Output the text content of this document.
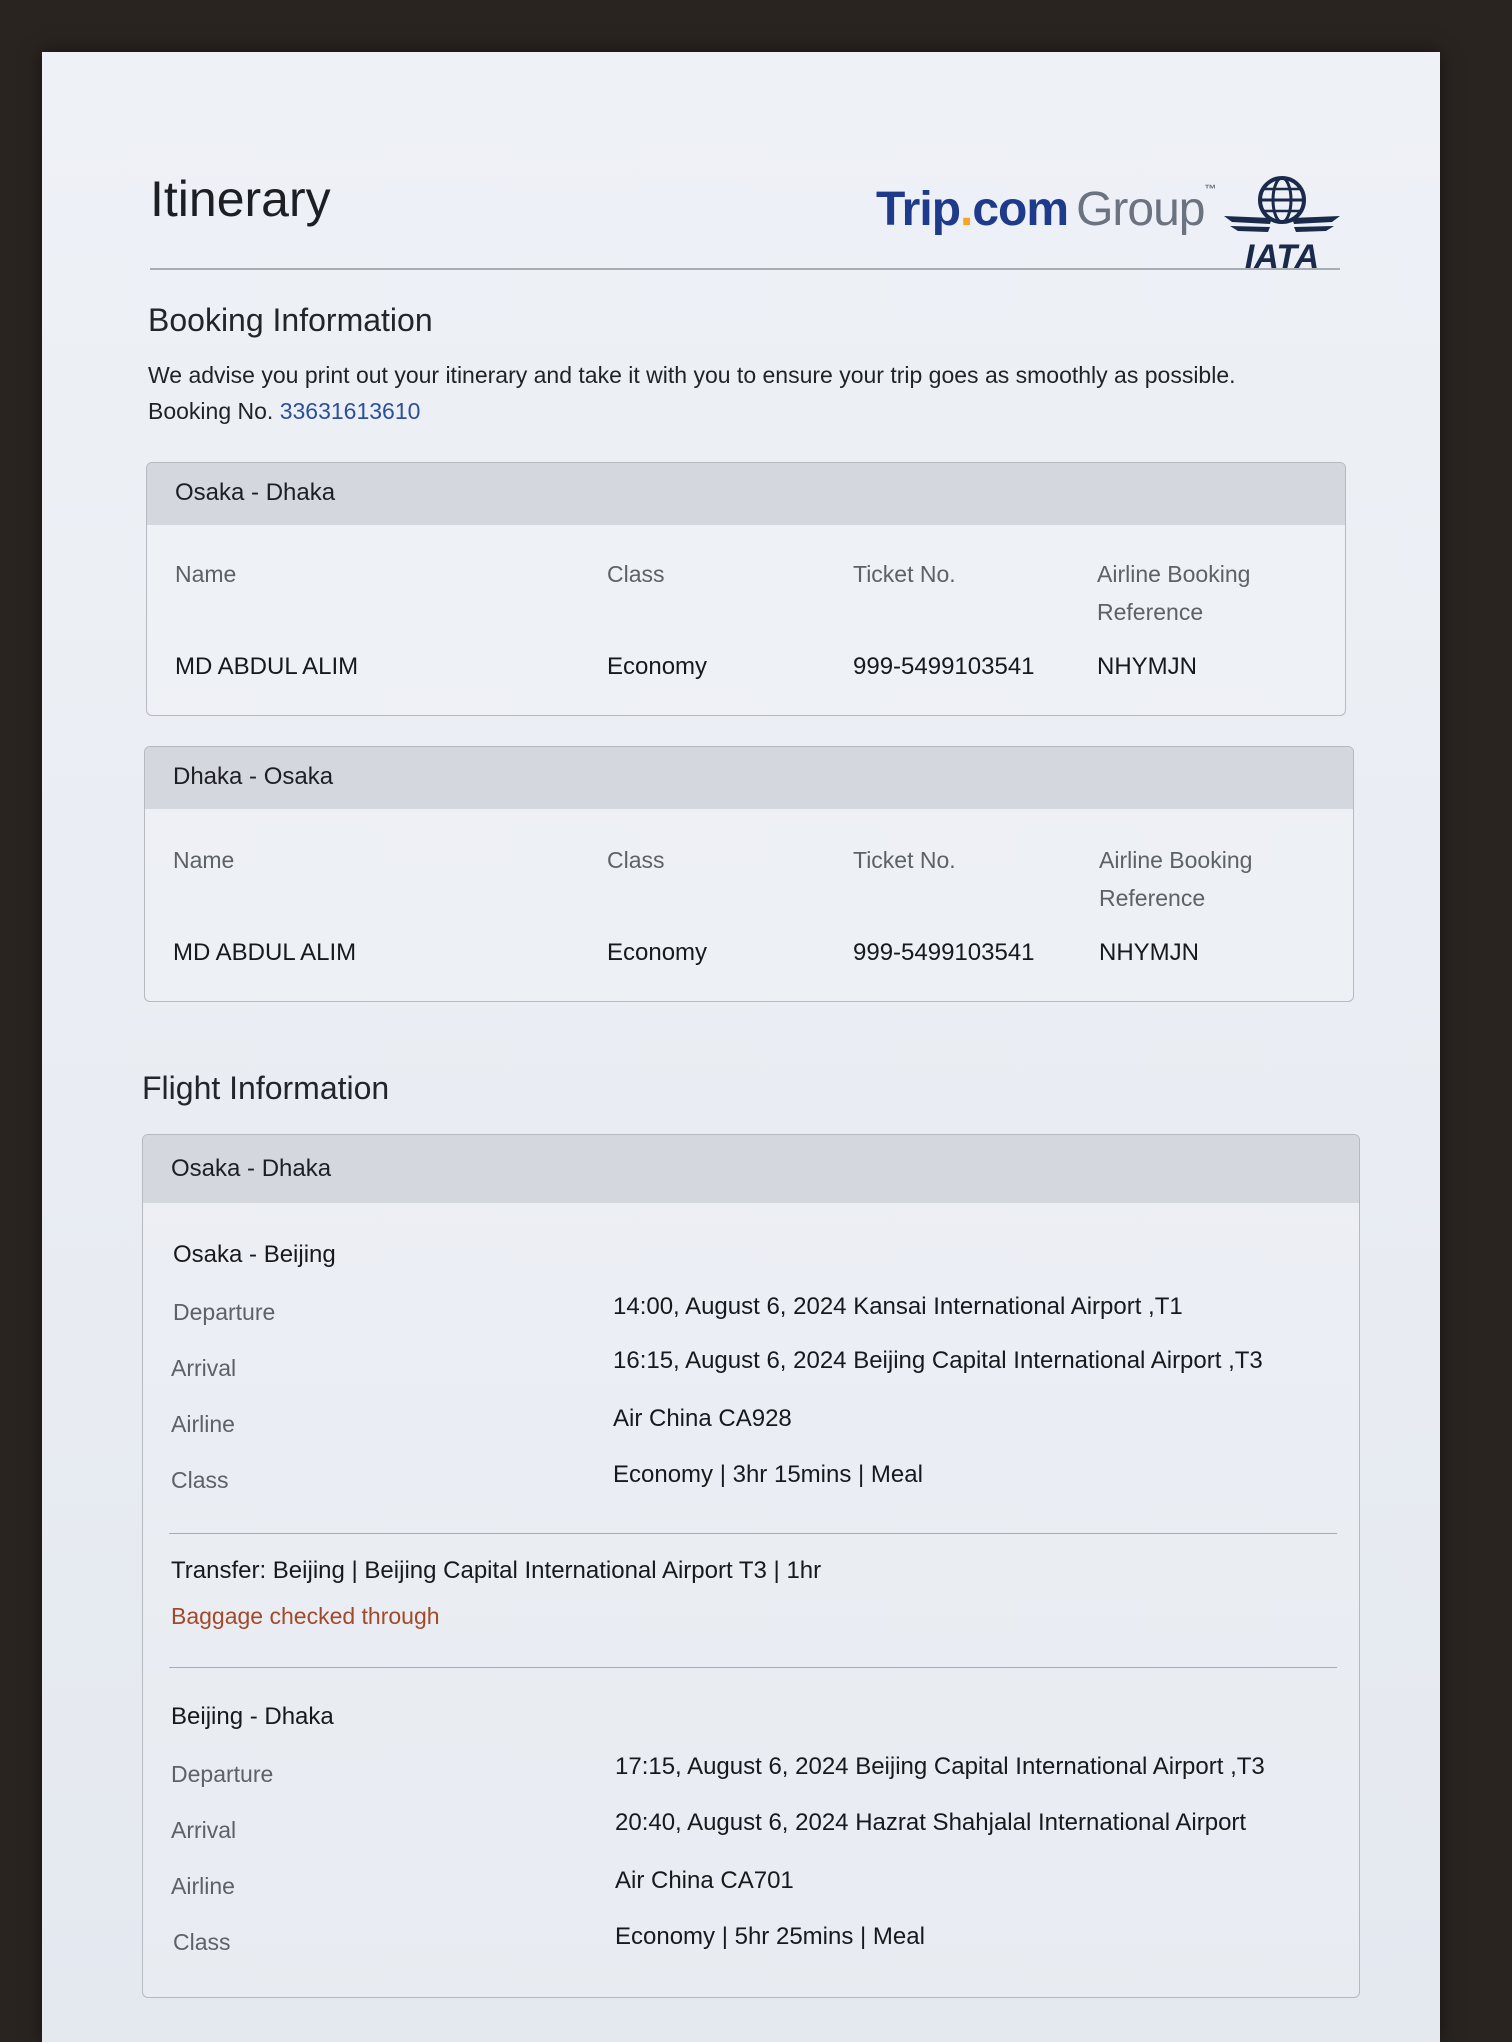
Itinerary	Trip.com Group™
IATA
Booking Information
We advise you print out your itinerary and take it with you to ensure your trip goes as smoothly as possible.
Booking No. 33631613610
Osaka - Dhaka
Name	Class	Ticket No.	Airline Booking
Reference
MD ABDUL ALIM	Economy	999-5499103541	NHYMJN
Dhaka - Osaka
Name	Class	Ticket No.	Airline Booking
Reference
MD ABDUL ALIM	Economy	999-5499103541	NHYMJN
Flight Information
Osaka - Dhaka
Osaka - Beijing
Departure	14:00, August 6, 2024 Kansai International Airport ,T1
Arrival	16:15, August 6, 2024 Beijing Capital International Airport ,T3
Airline	Air China CA928
Class	Economy | 3hr 15mins | Meal
Transfer: Beijing | Beijing Capital International Airport T3 | 1hr
Baggage checked through
Beijing - Dhaka
Departure	17:15, August 6, 2024 Beijing Capital International Airport ,T3
Arrival	20:40, August 6, 2024 Hazrat Shahjalal International Airport
Airline	Air China CA701
Class	Economy | 5hr 25mins | Meal
